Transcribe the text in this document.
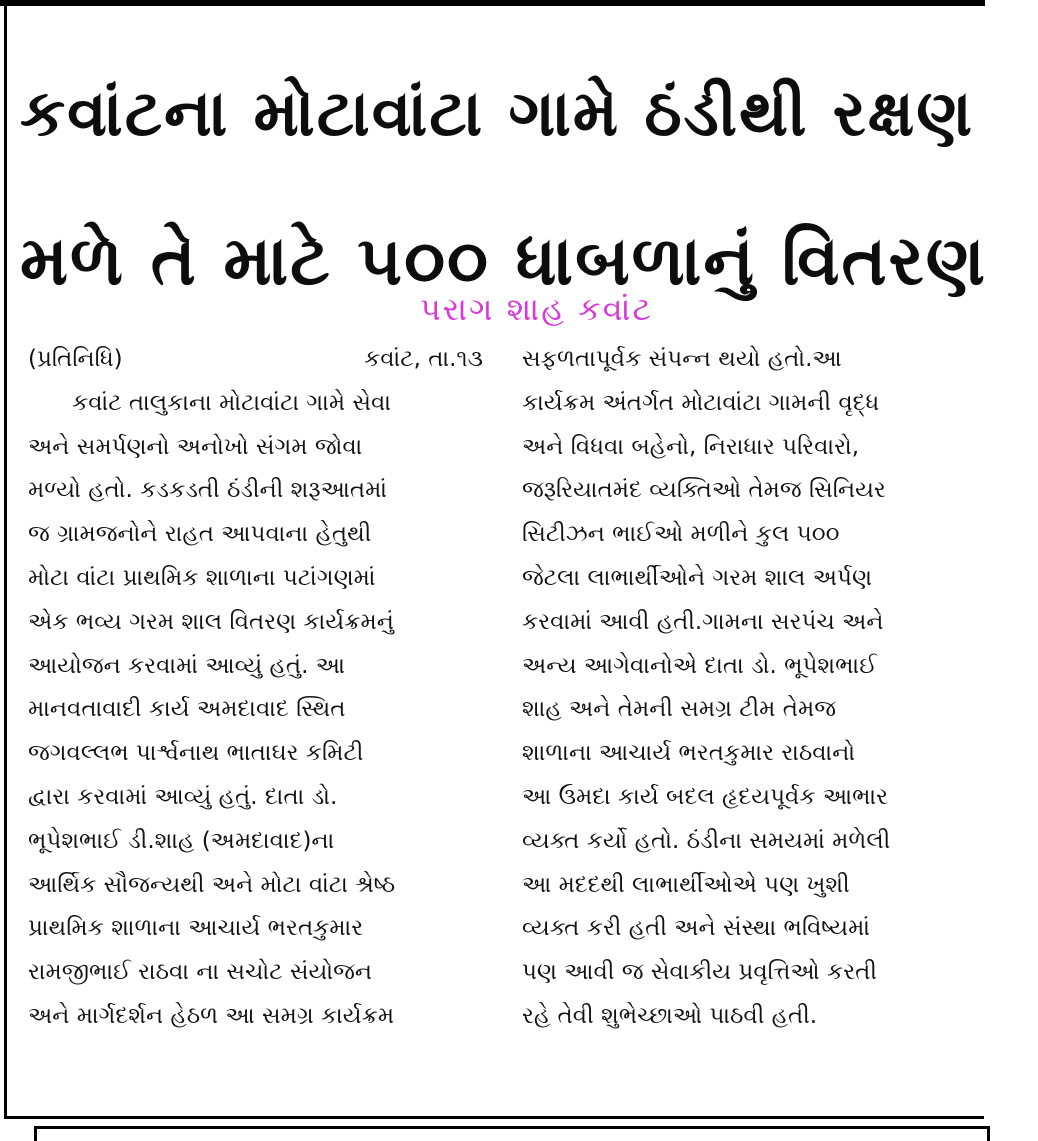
કવાંટના મોટાવાંટા ગામે ઠંડીથી રક્ષણ
મળે તે માટે ૫૦૦ ધાબળાનું વિતરણ
પરાગ શાહ કવાંટ
(પ્રતિનિધિ)	કવાંટ, તા.૧૩
કવાંટ તાલુકાના મોટાવાંટા ગામે સેવા
અને સમર્પણનો અનોખો સંગમ જોવા
મળ્યો હતો. કડકડતી ઠંડીની શરૂઆતમાં
જ ગ્રામજનોને રાહત આપવાના હેતુથી
મોટા વાંટા પ્રાથમિક શાળાના પટાંગણમાં
એક ભવ્ય ગરમ શાલ વિતરણ કાર્યક્રમનું
આયોજન કરવામાં આવ્યું હતું. આ
માનવતાવાદી કાર્ય અમદાવાદ સ્થિત
જગવલ્લભ પાર્શ્વનાથ ભાતાઘર કમિટી
દ્વારા કરવામાં આવ્યું હતું. દાતા ડો.
ભૂપેશભાઈ ડી.શાહ (અમદાવાદ)ના
આર્થિક સૌજન્યથી અને મોટા વાંટા શ્રેષ્ઠ
પ્રાથમિક શાળાના આચાર્ય ભરતકુમાર
રામજીભાઈ રાઠવા ના સચોટ સંયોજન
અને માર્ગદર્શન હેઠળ આ સમગ્ર કાર્યક્રમ
સફળતાપૂર્વક સંપન્ન થયો હતો.આ
કાર્યક્રમ અંતર્ગત મોટાવાંટા ગામની વૃદ્ધ
અને વિધવા બહેનો, નિરાધાર પરિવારો,
જરૂરિયાતમંદ વ્યક્તિઓ તેમજ સિનિયર
સિટીઝન ભાઈઓ મળીને કુલ ૫૦૦
જેટલા લાભાર્થીઓને ગરમ શાલ અર્પણ
કરવામાં આવી હતી.ગામના સરપંચ અને
અન્ય આગેવાનોએ દાતા ડો. ભૂપેશભાઈ
શાહ અને તેમની સમગ્ર ટીમ તેમજ
શાળાના આચાર્ય ભરતકુમાર રાઠવાનો
આ ઉમદા કાર્ય બદલ હૃદયપૂર્વક આભાર
વ્યક્ત કર્યો હતો. ઠંડીના સમયમાં મળેલી
આ મદદથી લાભાર્થીઓએ પણ ખુશી
વ્યક્ત કરી હતી અને સંસ્થા ભવિષ્યમાં
પણ આવી જ સેવાકીય પ્રવૃત્તિઓ કરતી
રહે તેવી શુભેચ્છાઓ પાઠવી હતી.
